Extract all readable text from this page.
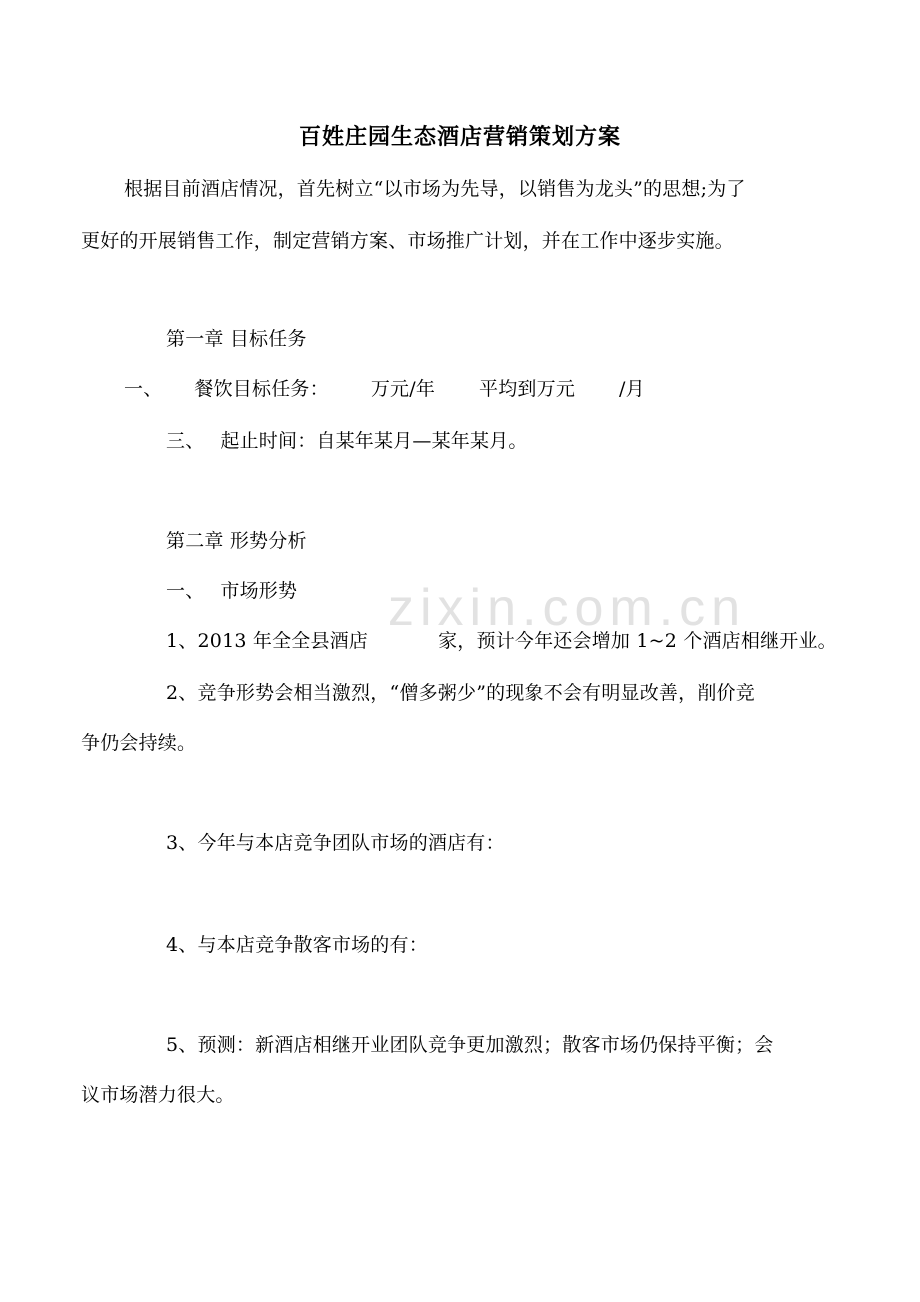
zixin.com.cn
百姓庄园生态酒店营销策划方案
根据目前酒店情况，首先树立“以市场为先导，以销售为龙头”的思想;为了
更好的开展销售工作，制定营销方案、市场推广计划，并在工作中逐步实施。
第一章 目标任务
一、 餐饮目标任务： 万元/年 平均到万元 /月
三、 起止时间：自某年某月—某年某月。
第二章 形势分析
一、 市场形势
1、2013 年全全县酒店	家，预计今年还会增加 1~2 个酒店相继开业。
2、竞争形势会相当激烈，“僧多粥少”的现象不会有明显改善，削价竞
争仍会持续。
3、今年与本店竞争团队市场的酒店有：
4、与本店竞争散客市场的有：
5、预测：新酒店相继开业团队竞争更加激烈；散客市场仍保持平衡；会
议市场潜力很大。
